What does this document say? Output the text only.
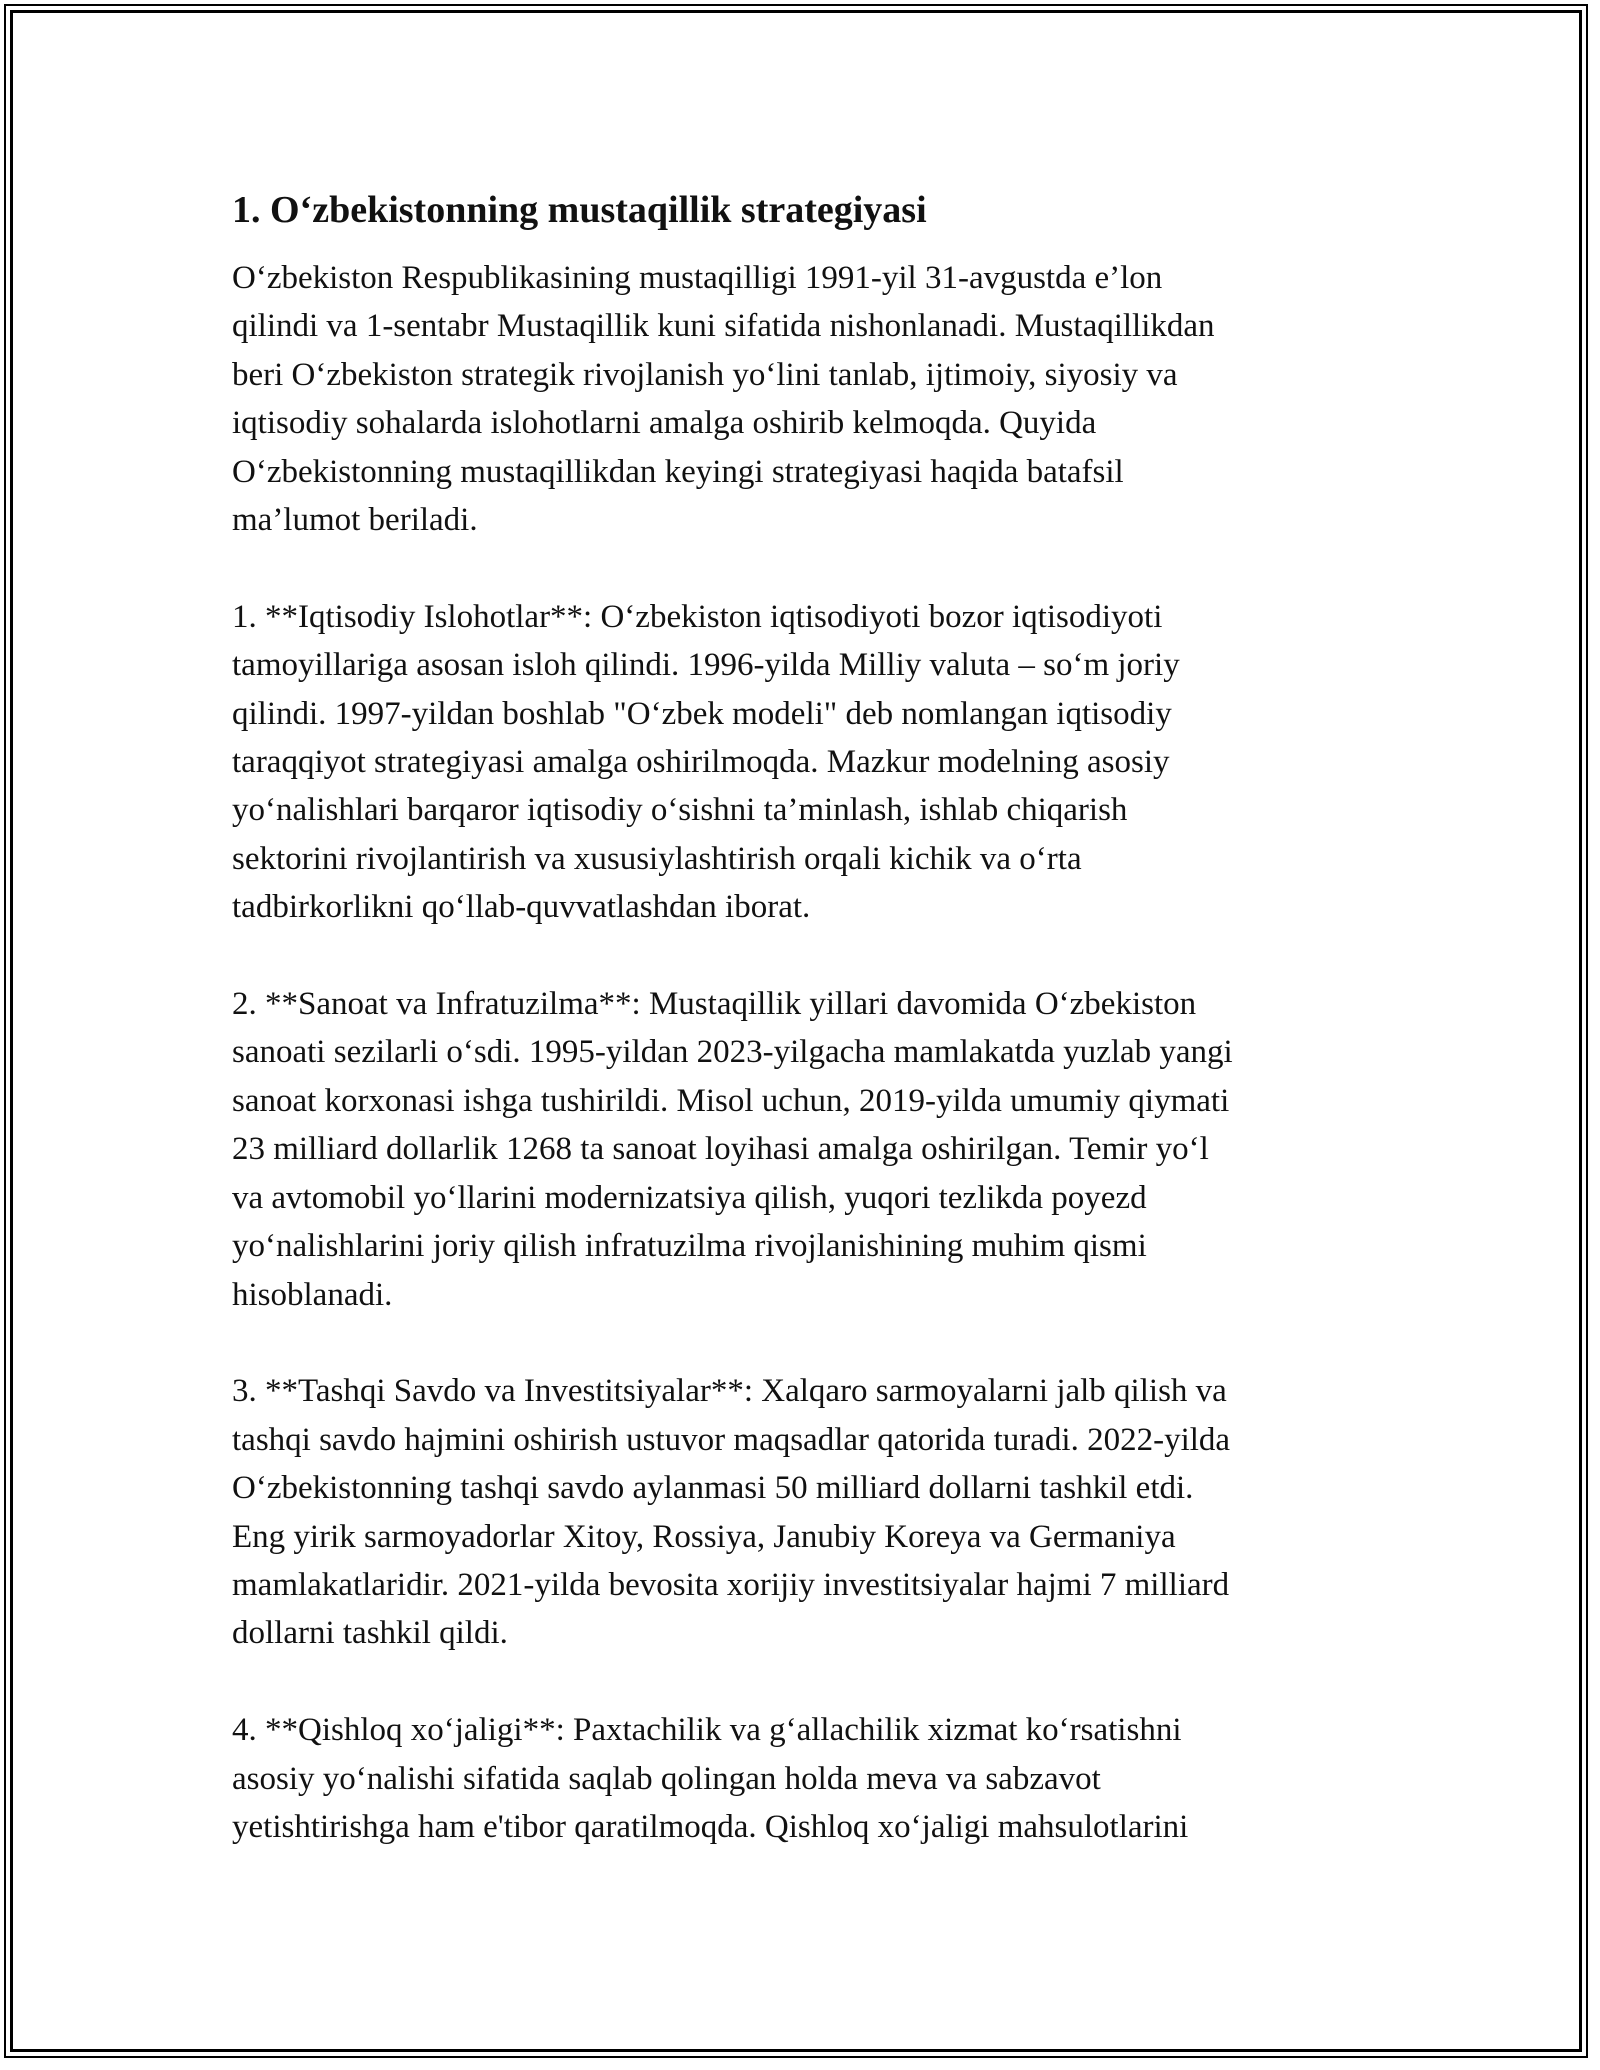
1. O‘zbekistonning mustaqillik strategiyasi

O‘zbekiston Respublikasining mustaqilligi 1991-yil 31-avgustda e’lon
qilindi va 1-sentabr Mustaqillik kuni sifatida nishonlanadi. Mustaqillikdan
beri O‘zbekiston strategik rivojlanish yo‘lini tanlab, ijtimoiy, siyosiy va
iqtisodiy sohalarda islohotlarni amalga oshirib kelmoqda. Quyida
O‘zbekistonning mustaqillikdan keyingi strategiyasi haqida batafsil
ma’lumot beriladi.

1. **Iqtisodiy Islohotlar**: O‘zbekiston iqtisodiyoti bozor iqtisodiyoti
tamoyillariga asosan isloh qilindi. 1996-yilda Milliy valuta – so‘m joriy
qilindi. 1997-yildan boshlab "O‘zbek modeli" deb nomlangan iqtisodiy
taraqqiyot strategiyasi amalga oshirilmoqda. Mazkur modelning asosiy
yo‘nalishlari barqaror iqtisodiy o‘sishni ta’minlash, ishlab chiqarish
sektorini rivojlantirish va xususiylashtirish orqali kichik va o‘rta
tadbirkorlikni qo‘llab-quvvatlashdan iborat.

2. **Sanoat va Infratuzilma**: Mustaqillik yillari davomida O‘zbekiston
sanoati sezilarli o‘sdi. 1995-yildan 2023-yilgacha mamlakatda yuzlab yangi
sanoat korxonasi ishga tushirildi. Misol uchun, 2019-yilda umumiy qiymati
23 milliard dollarlik 1268 ta sanoat loyihasi amalga oshirilgan. Temir yo‘l
va avtomobil yo‘llarini modernizatsiya qilish, yuqori tezlikda poyezd
yo‘nalishlarini joriy qilish infratuzilma rivojlanishining muhim qismi
hisoblanadi.

3. **Tashqi Savdo va Investitsiyalar**: Xalqaro sarmoyalarni jalb qilish va
tashqi savdo hajmini oshirish ustuvor maqsadlar qatorida turadi. 2022-yilda
O‘zbekistonning tashqi savdo aylanmasi 50 milliard dollarni tashkil etdi.
Eng yirik sarmoyadorlar Xitoy, Rossiya, Janubiy Koreya va Germaniya
mamlakatlaridir. 2021-yilda bevosita xorijiy investitsiyalar hajmi 7 milliard
dollarni tashkil qildi.

4. **Qishloq xo‘jaligi**: Paxtachilik va g‘allachilik xizmat ko‘rsatishni
asosiy yo‘nalishi sifatida saqlab qolingan holda meva va sabzavot
yetishtirishga ham e'tibor qaratilmoqda. Qishloq xo‘jaligi mahsulotlarini
